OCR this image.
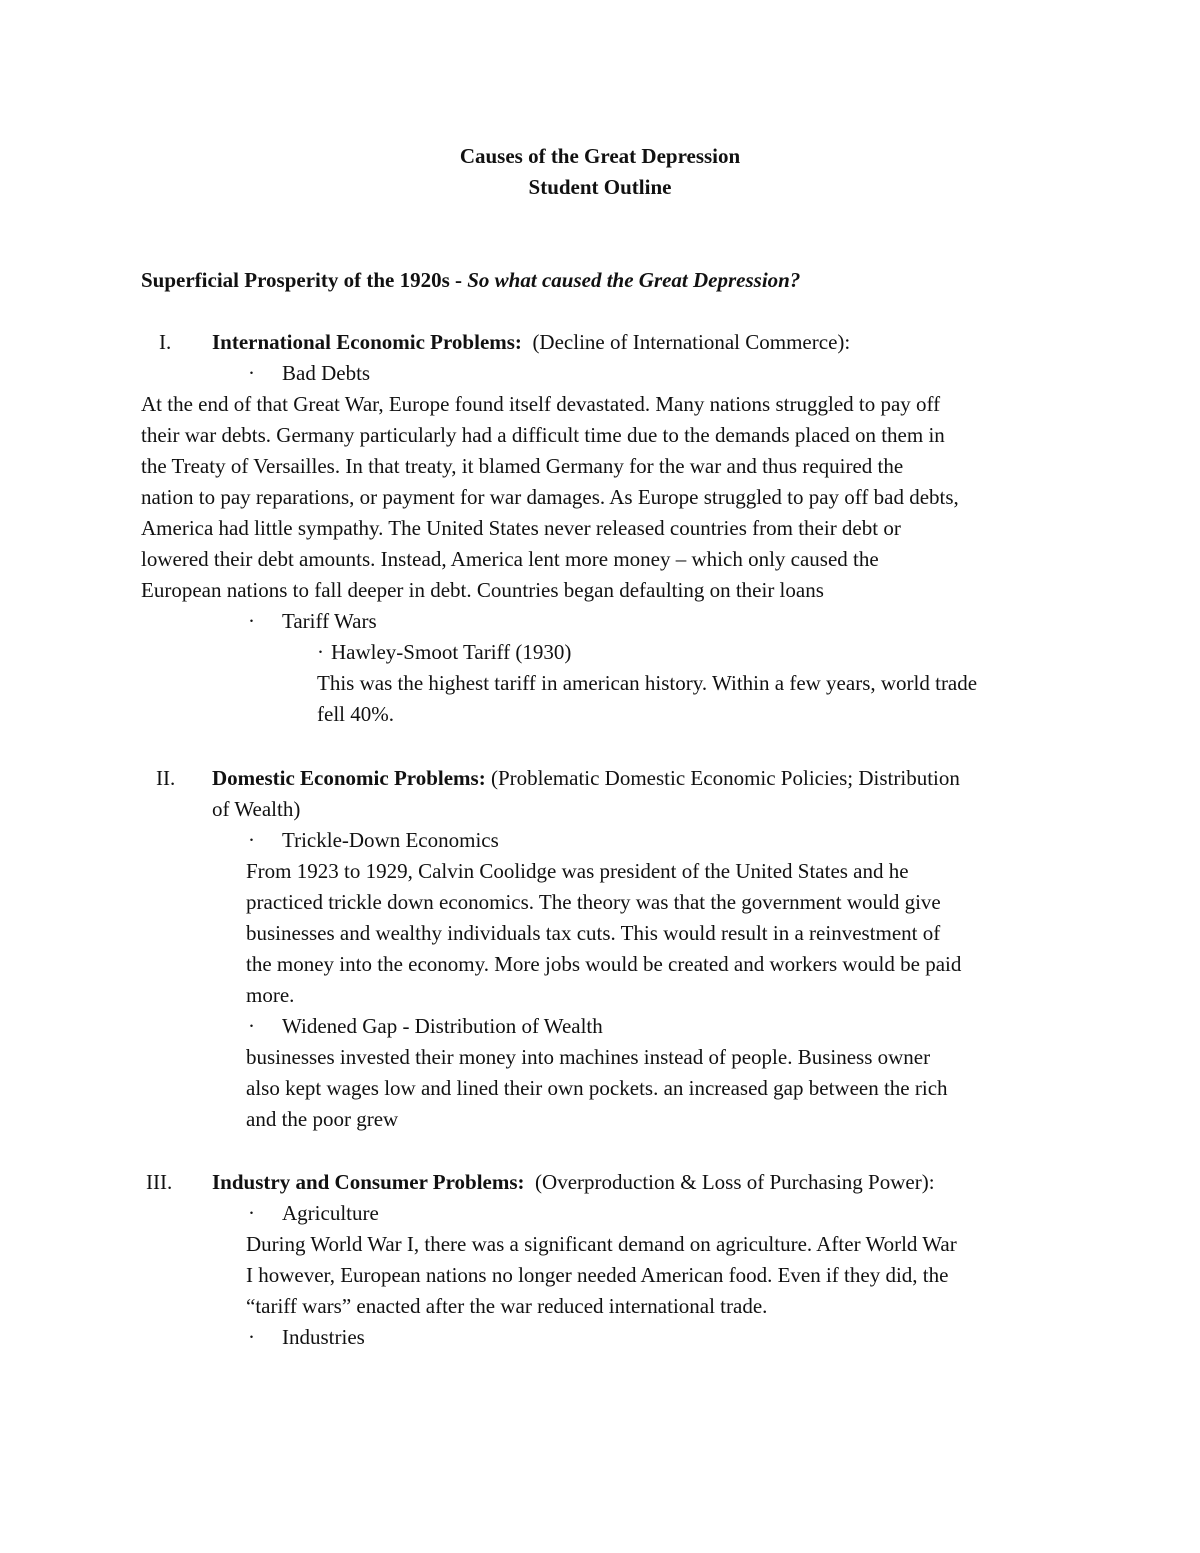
Causes of the Great Depression

Student Outline

Superficial Prosperity of the 1920s - So what caused the Great Depression?

I. International Economic Problems: (Decline of International Commerce):

· Bad Debts

At the end of that Great War, Europe found itself devastated. Many nations struggled to pay off

their war debts. Germany particularly had a difficult time due to the demands placed on them in

the Treaty of Versailles. In that treaty, it blamed Germany for the war and thus required the

nation to pay reparations, or payment for war damages. As Europe struggled to pay off bad debts,

America had little sympathy. The United States never released countries from their debt or

lowered their debt amounts. Instead, America lent more money – which only caused the

European nations to fall deeper in debt. Countries began defaulting on their loans

· Tariff Wars
· Hawley-Smoot Tariff (1930)

This was the highest tariff in american history. Within a few years, world trade

fell 40%.

II. Domestic Economic Problems: (Problematic Domestic Economic Policies; Distribution

of Wealth)

· Trickle-Down Economics

From 1923 to 1929, Calvin Coolidge was president of the United States and he

practiced trickle down economics. The theory was that the government would give

businesses and wealthy individuals tax cuts. This would result in a reinvestment of

the money into the economy. More jobs would be created and workers would be paid

more.

· Widened Gap - Distribution of Wealth

businesses invested their money into machines instead of people. Business owner

also kept wages low and lined their own pockets. an increased gap between the rich

and the poor grew

III. Industry and Consumer Problems: (Overproduction & Loss of Purchasing Power):

· Agriculture

During World War I, there was a significant demand on agriculture. After World War

I however, European nations no longer needed American food. Even if they did, the

“tariff wars” enacted after the war reduced international trade.

· Industries
